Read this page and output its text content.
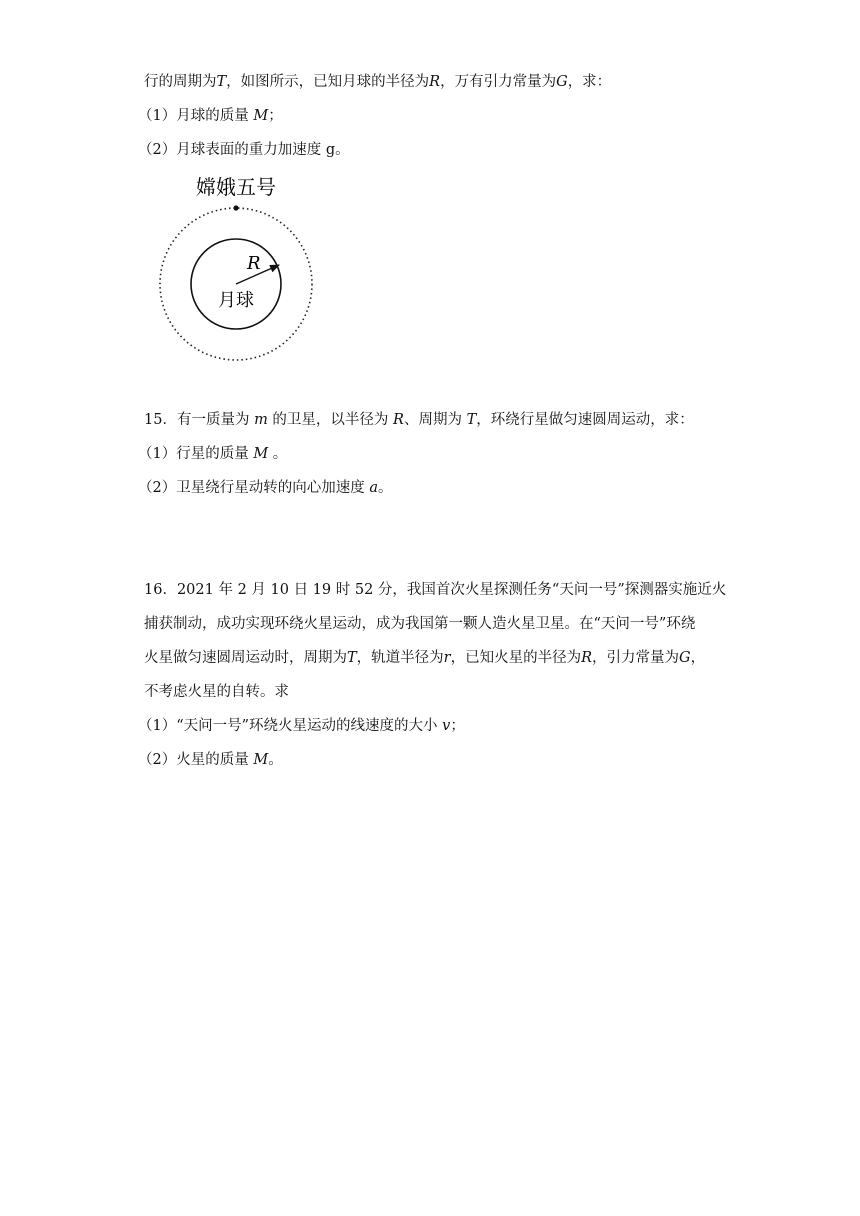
行的周期为T，如图所示，已知月球的半径为R，万有引力常量为G，求：
（1）月球的质量 M；
（2）月球表面的重力加速度 g。
嫦娥五号
R
月球
15．有一质量为 m 的卫星，以半径为 R、周期为 T，环绕行星做匀速圆周运动，求：
（1）行星的质量 M 。
（2）卫星绕行星动转的向心加速度 a。
16．2021 年 2 月 10 日 19 时 52 分，我国首次火星探测任务“天问一号”探测器实施近火
捕获制动，成功实现环绕火星运动，成为我国第一颗人造火星卫星。在“天问一号”环绕
火星做匀速圆周运动时，周期为T，轨道半径为r，已知火星的半径为R，引力常量为G，
不考虑火星的自转。求
（1）“天问一号”环绕火星运动的线速度的大小 v；
（2）火星的质量 M。
